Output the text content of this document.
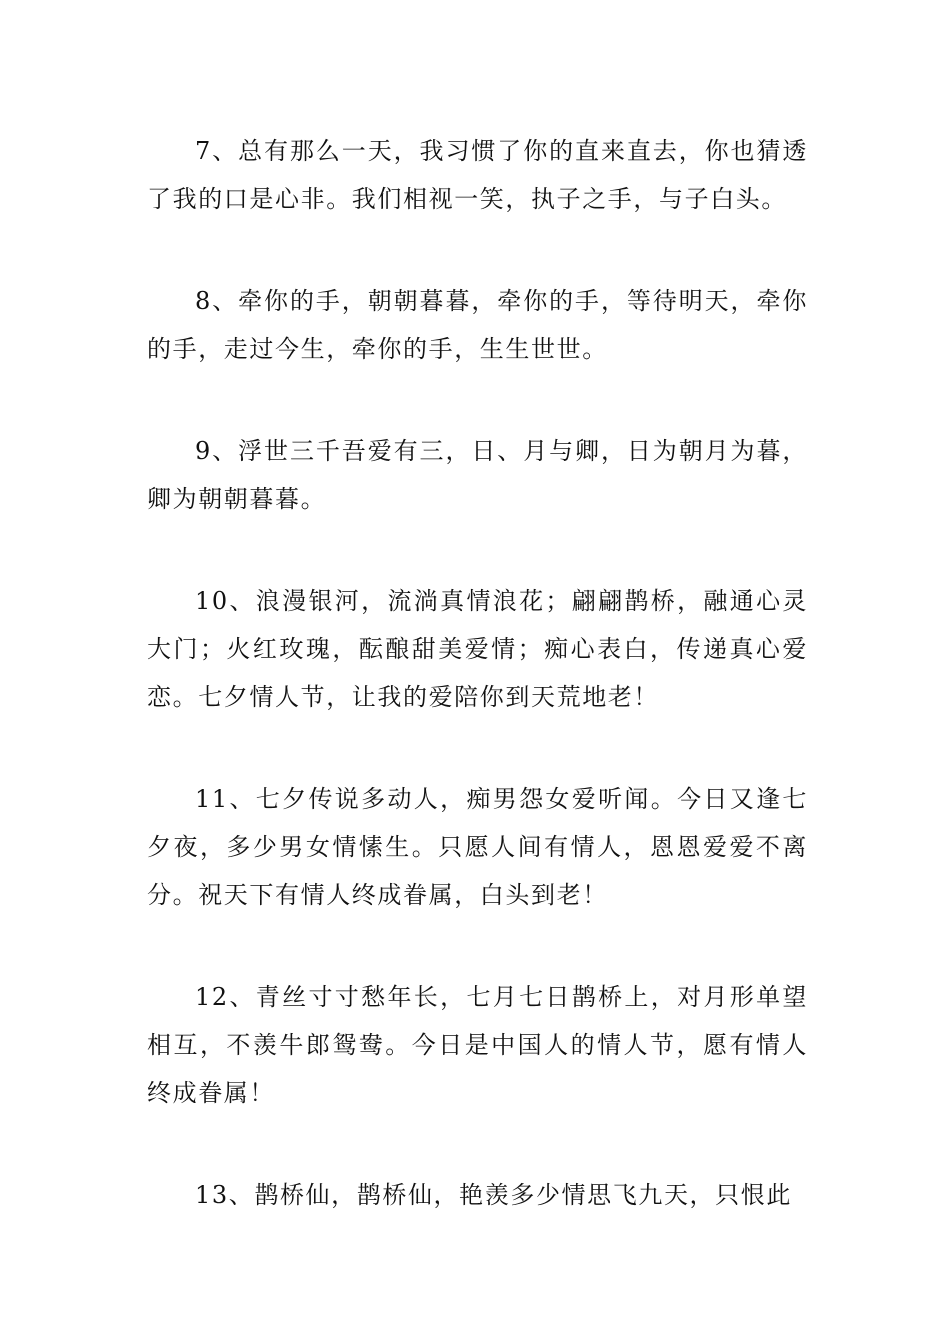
7、总有那么一天，我习惯了你的直来直去，你也猜透了我的口是心非。我们相视一笑，执子之手，与子白头。

8、牵你的手，朝朝暮暮，牵你的手，等待明天，牵你的手，走过今生，牵你的手，生生世世。

9、浮世三千吾爱有三，日、月与卿，日为朝月为暮，卿为朝朝暮暮。

10、浪漫银河，流淌真情浪花；翩翩鹊桥，融通心灵大门；火红玫瑰，酝酿甜美爱情；痴心表白，传递真心爱恋。七夕情人节，让我的爱陪你到天荒地老！

11、七夕传说多动人，痴男怨女爱听闻。今日又逢七夕夜，多少男女情愫生。只愿人间有情人，恩恩爱爱不离分。祝天下有情人终成眷属，白头到老！

12、青丝寸寸愁年长，七月七日鹊桥上，对月形单望相互，不羡牛郎鸳鸯。今日是中国人的情人节，愿有情人终成眷属！

13、鹊桥仙，鹊桥仙，艳羡多少情思飞九天，只恨此
